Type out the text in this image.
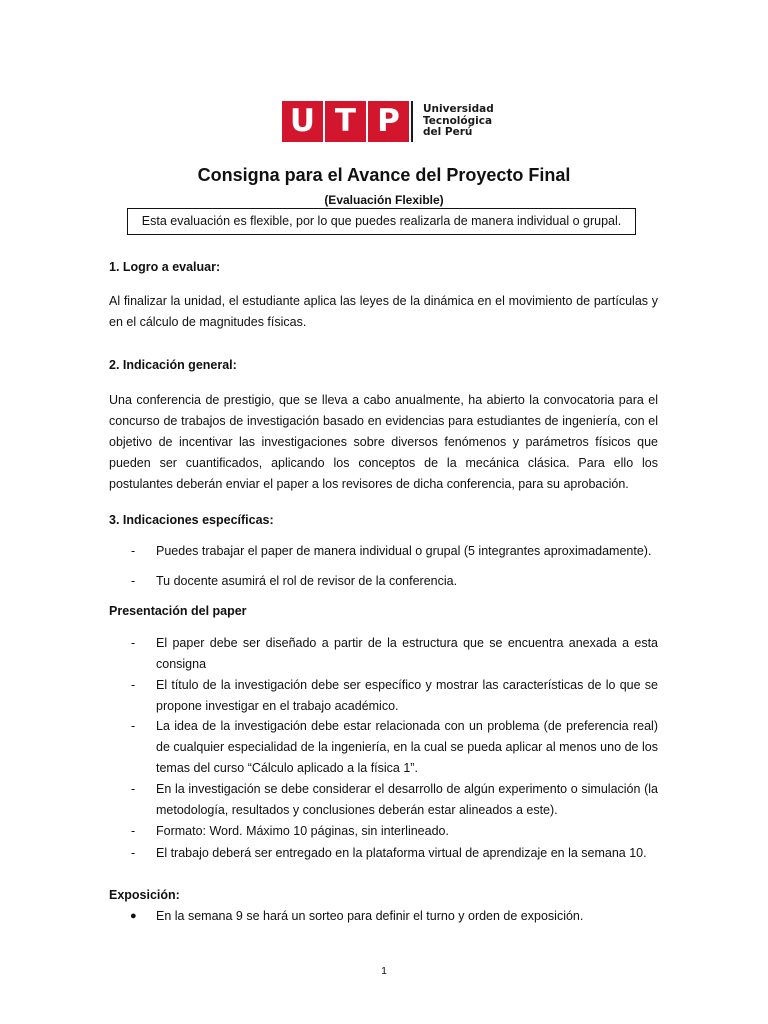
U T P	Universidad
Tecnológica
del Perú
Consigna para el Avance del Proyecto Final
(Evaluación Flexible)
Esta evaluación es flexible, por lo que puedes realizarla de manera individual o grupal.
1. Logro a evaluar:
Al finalizar la unidad, el estudiante aplica las leyes de la dinámica en el movimiento de partículas y en el cálculo de magnitudes físicas.
2. Indicación general:
Una conferencia de prestigio, que se lleva a cabo anualmente, ha abierto la convocatoria para el concurso de trabajos de investigación basado en evidencias para estudiantes de ingeniería, con el objetivo de incentivar las investigaciones sobre diversos fenómenos y parámetros físicos que pueden ser cuantificados, aplicando los conceptos de la mecánica clásica. Para ello los postulantes deberán enviar el paper a los revisores de dicha conferencia, para su aprobación.
3. Indicaciones específicas:
- Puedes trabajar el paper de manera individual o grupal (5 integrantes aproximadamente).
- Tu docente asumirá el rol de revisor de la conferencia.
Presentación del paper
- El paper debe ser diseñado a partir de la estructura que se encuentra anexada a esta consigna
- El título de la investigación debe ser específico y mostrar las características de lo que se propone investigar en el trabajo académico.
- La idea de la investigación debe estar relacionada con un problema (de preferencia real) de cualquier especialidad de la ingeniería, en la cual se pueda aplicar al menos uno de los temas del curso “Cálculo aplicado a la física 1”.
- En la investigación se debe considerar el desarrollo de algún experimento o simulación (la metodología, resultados y conclusiones deberán estar alineados a este).
- Formato: Word. Máximo 10 páginas, sin interlineado.
- El trabajo deberá ser entregado en la plataforma virtual de aprendizaje en la semana 10.
Exposición:
● En la semana 9 se hará un sorteo para definir el turno y orden de exposición.
1
